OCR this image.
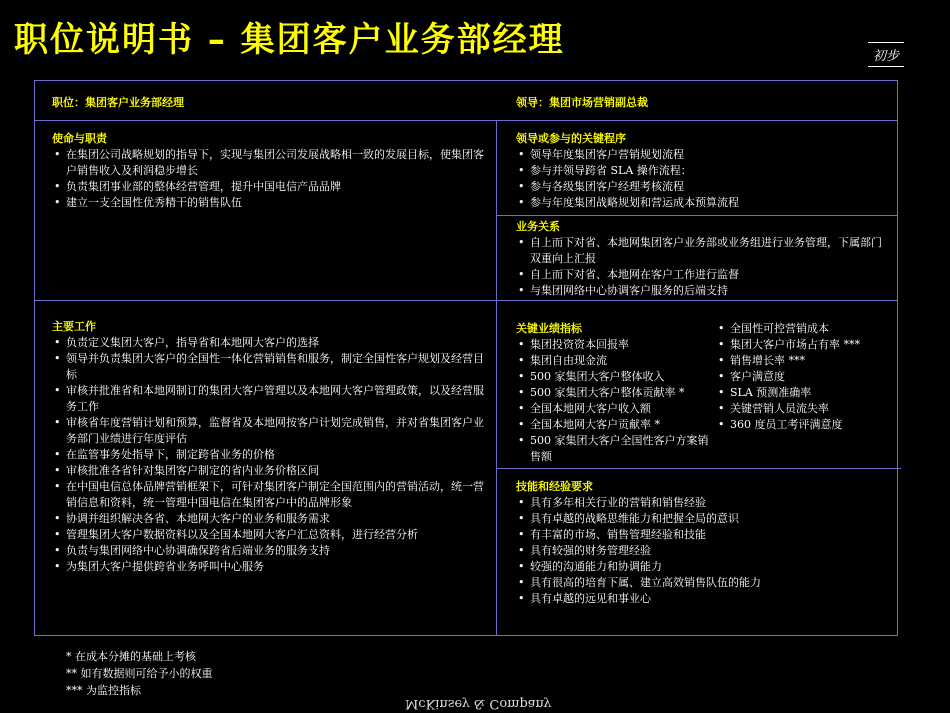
职位说明书 – 集团客户业务部经理	初步
职位：集团客户业务部经理	领导：集团市场营销副总裁
使命与职责
• 在集团公司战略规划的指导下，实现与集团公司发展战略相一致的发展目标，使集团客户销售收入及利润稳步增长
• 负责集团事业部的整体经营管理，提升中国电信产品品牌
• 建立一支全国性优秀精干的销售队伍
领导或参与的关键程序
• 领导年度集团客户营销规划流程
• 参与并领导跨省 SLA 操作流程：
• 参与各级集团客户经理考核流程
• 参与年度集团战略规划和营运成本预算流程
业务关系
• 自上而下对省、本地网集团客户业务部或业务组进行业务管理，下属部门双重向上汇报
• 自上而下对省、本地网在客户工作进行监督
• 与集团网络中心协调客户服务的后端支持
主要工作
• 负责定义集团大客户，指导省和本地网大客户的选择
• 领导并负责集团大客户的全国性一体化营销销售和服务，制定全国性客户规划及经营目标
• 审核并批准省和本地网制订的集团大客户管理以及本地网大客户管理政策，以及经营服务工作
• 审核省年度营销计划和预算，监督省及本地网按客户计划完成销售，并对省集团客户业务部门业绩进行年度评估
• 在监管事务处指导下，制定跨省业务的价格
• 审核批准各省针对集团客户制定的省内业务价格区间
• 在中国电信总体品牌营销框架下，可针对集团客户制定全国范围内的营销活动，统一营销信息和资料，统一管理中国电信在集团客户中的品牌形象
• 协调并组织解决各省、本地网大客户的业务和服务需求
• 管理集团大客户数据资料以及全国本地网大客户汇总资料，进行经营分析
• 负责与集团网络中心协调确保跨省后端业务的服务支持
• 为集团大客户提供跨省业务呼叫中心服务
关键业绩指标
• 集团投资资本回报率
• 集团自由现金流
• 500 家集团大客户整体收入
• 500 家集团大客户整体贡献率 *
• 全国本地网大客户收入额
• 全国本地网大客户贡献率 *
• 500 家集团大客户全国性客户方案销售额
• 全国性可控营销成本
• 集团大客户市场占有率 ***
• 销售增长率 ***
• 客户满意度
• SLA 预测准确率
• 关键营销人员流失率
• 360 度员工考评满意度
技能和经验要求
• 具有多年相关行业的营销和销售经验
• 具有卓越的战略思维能力和把握全局的意识
• 有丰富的市场、销售管理经验和技能
• 具有较强的财务管理经验
• 较强的沟通能力和协调能力
• 具有很高的培育下属、建立高效销售队伍的能力
• 具有卓越的远见和事业心
* 在成本分摊的基础上考核
** 如有数据则可给予小的权重
*** 为监控指标
McKinsey & Company
